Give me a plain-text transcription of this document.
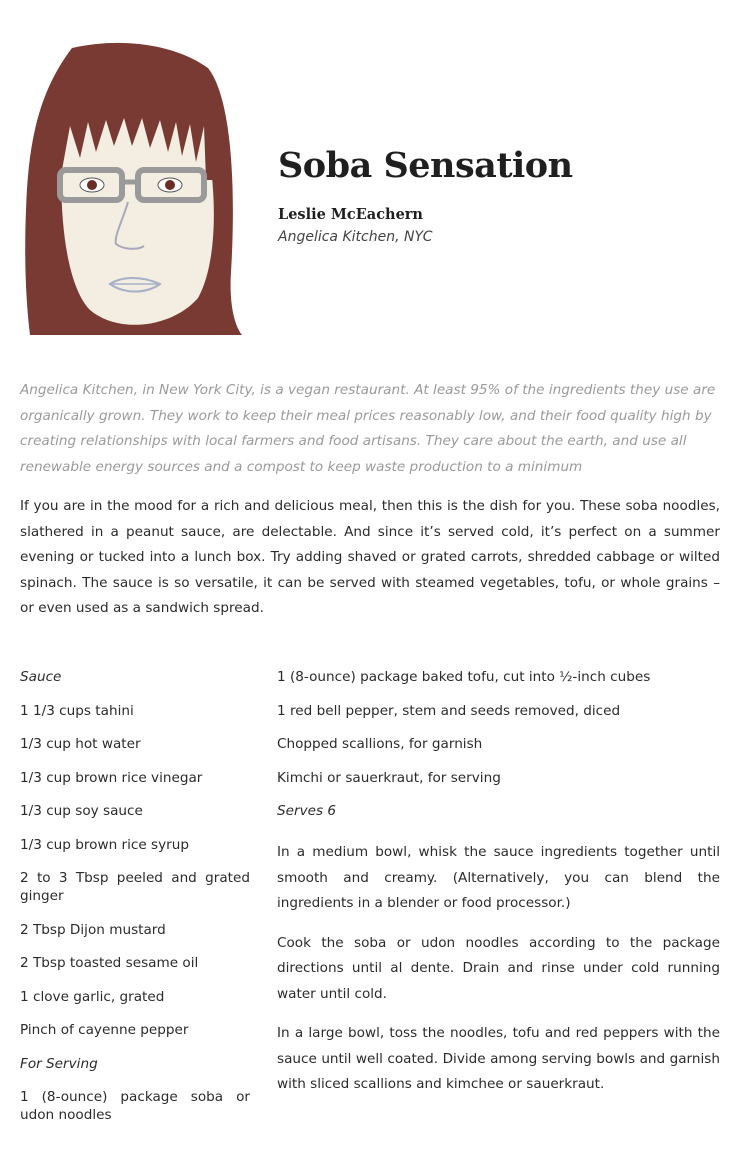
Soba Sensation
Leslie McEachern
Angelica Kitchen, NYC

Angelica Kitchen, in New York City, is a vegan restaurant. At least 95% of the ingredients they use are organically grown. They work to keep their meal prices reasonably low, and their food quality high by creating relationships with local farmers and food artisans. They care about the earth, and use all renewable energy sources and a compost to keep waste production to a minimum

If you are in the mood for a rich and delicious meal, then this is the dish for you. These soba noodles, slathered in a peanut sauce, are delectable. And since it’s served cold, it’s perfect on a summer evening or tucked into a lunch box. Try adding shaved or grated carrots, shredded cabbage or wilted spinach. The sauce is so versatile, it can be served with steamed vegetables, tofu, or whole grains – or even used as a sandwich spread.

Sauce
1 1/3 cups tahini
1/3 cup hot water
1/3 cup brown rice vinegar
1/3 cup soy sauce
1/3 cup brown rice syrup
2 to 3 Tbsp peeled and grated ginger
2 Tbsp Dijon mustard
2 Tbsp toasted sesame oil
1 clove garlic, grated
Pinch of cayenne pepper
For Serving
1 (8-ounce) package soba or udon noodles
1 (8-ounce) package baked tofu, cut into ½-inch cubes
1 red bell pepper, stem and seeds removed, diced
Chopped scallions, for garnish
Kimchi or sauerkraut, for serving
Serves 6

In a medium bowl, whisk the sauce ingredients together until smooth and creamy. (Alternatively, you can blend the ingredients in a blender or food processor.)

Cook the soba or udon noodles according to the package directions until al dente. Drain and rinse under cold running water until cold.

In a large bowl, toss the noodles, tofu and red peppers with the sauce until well coated. Divide among serving bowls and garnish with sliced scallions and kimchee or sauerkraut.
